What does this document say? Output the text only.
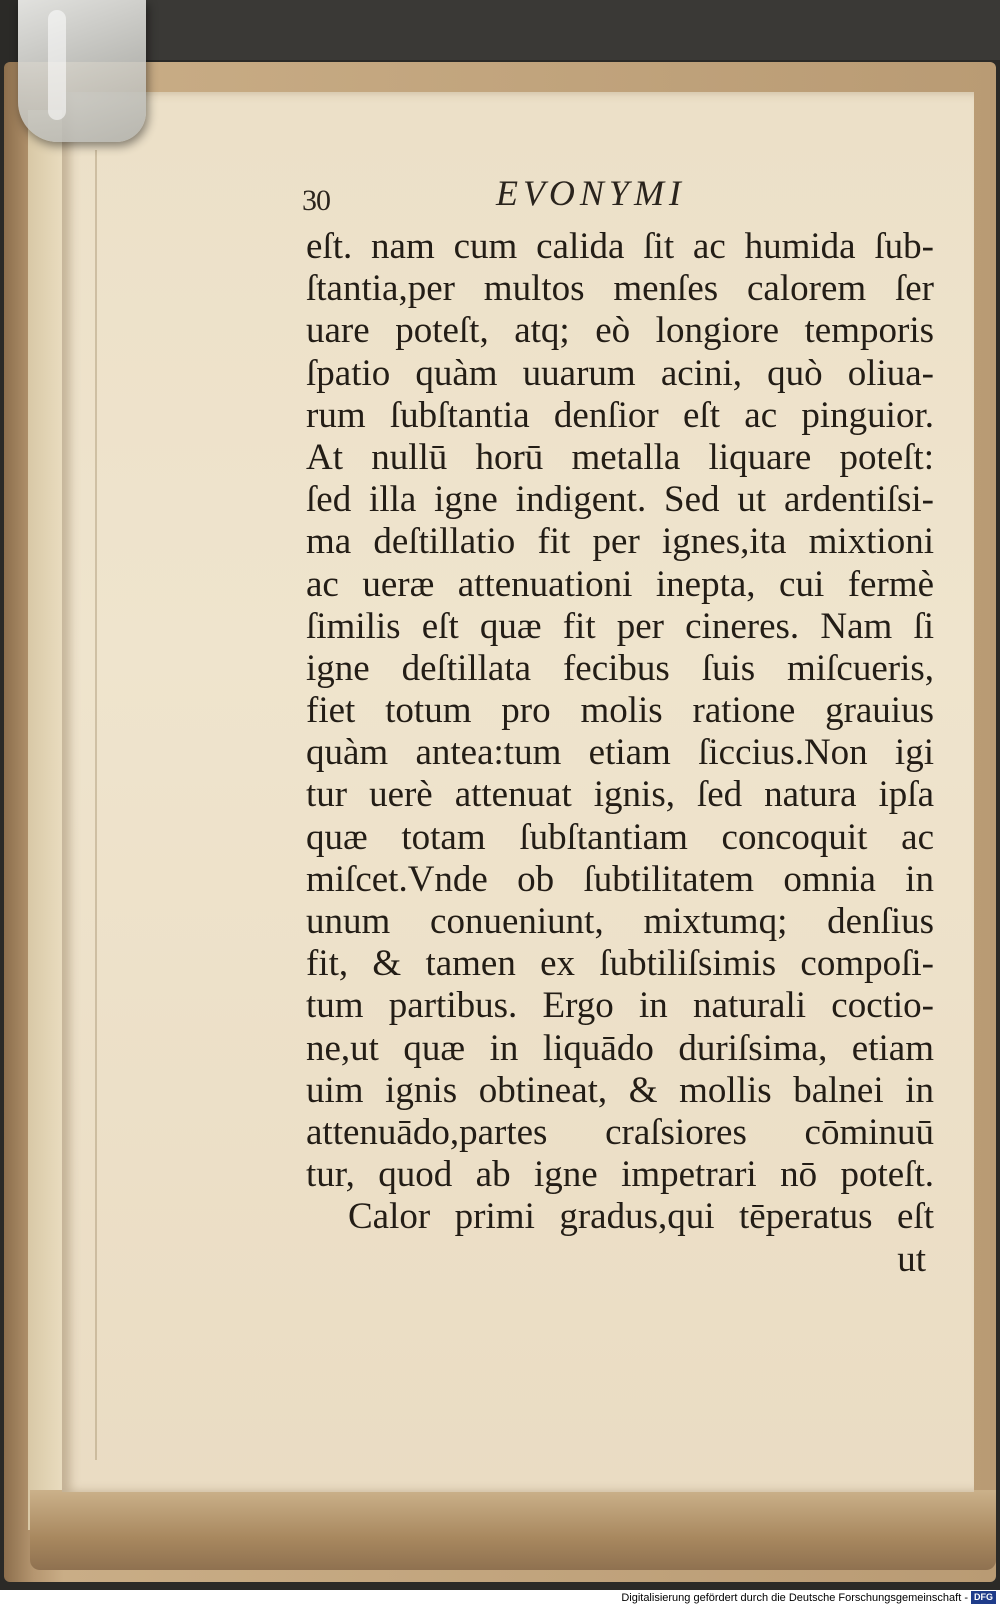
30	EVONYMI
eſt. nam cum calida ſit ac humida ſub-
ſtantia,per multos menſes calorem ſer
uare poteſt, atq; eò longiore temporis
ſpatio quàm uuarum acini, quò oliua-
rum ſubſtantia denſior eſt ac pinguior.
At nullū horū metalla liquare poteſt:
ſed illa igne indigent. Sed ut ardentiſsi-
ma deſtillatio fit per ignes,ita mixtioni
ac ueræ attenuationi inepta, cui fermè
ſimilis eſt quæ fit per cineres. Nam ſi
igne deſtillata fecibus ſuis miſcueris,
fiet totum pro molis ratione grauius
quàm antea:tum etiam ſiccius.Non igi
tur uerè attenuat ignis, ſed natura ipſa
quæ totam ſubſtantiam concoquit ac
miſcet.Vnde ob ſubtilitatem omnia in
unum conueniunt, mixtumq; denſius
fit, & tamen ex ſubtiliſsimis compoſi-
tum partibus. Ergo in naturali coctio-
ne,ut quæ in liquādo duriſsima, etiam
uim ignis obtineat, & mollis balnei in
attenuādo,partes craſsiores cōminuū
tur, quod ab igne impetrari nō poteſt.
Calor primi gradus,qui tēperatus eſt
ut
Digitalisierung gefördert durch die Deutsche Forschungsgemeinschaft - DFG
